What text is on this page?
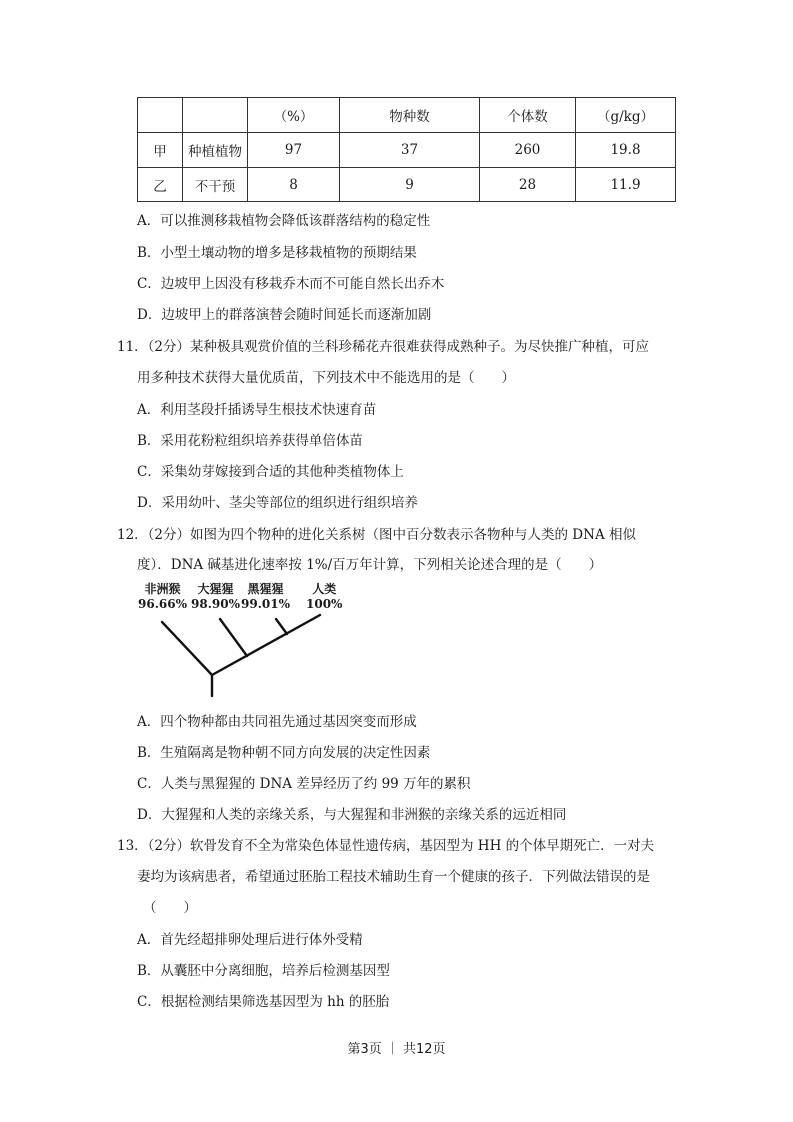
		（%）	物种数	个体数	（g/kg）
甲	种植植物	97	37	260	19.8
乙	不干预	8	9	28	11.9
A．可以推测移栽植物会降低该群落结构的稳定性
B．小型土壤动物的增多是移栽植物的预期结果
C．边坡甲上因没有移栽乔木而不可能自然长出乔木
D．边坡甲上的群落演替会随时间延长而逐渐加剧
11．（2分）某种极具观赏价值的兰科珍稀花卉很难获得成熟种子。为尽快推广种植，可应
用多种技术获得大量优质苗，下列技术中不能选用的是（　　）
A．利用茎段扦插诱导生根技术快速育苗
B．采用花粉粒组织培养获得单倍体苗
C．采集幼芽嫁接到合适的其他种类植物体上
D．采用幼叶、茎尖等部位的组织进行组织培养
12．（2分）如图为四个物种的进化关系树（图中百分数表示各物种与人类的 DNA 相似
度）．DNA 碱基进化速率按 1%/百万年计算，下列相关论述合理的是（　　）
非洲猴
96.66%
大猩猩
98.90%
黑猩猩
99.01%
人类
100%
A．四个物种都由共同祖先通过基因突变而形成
B．生殖隔离是物种朝不同方向发展的决定性因素
C．人类与黑猩猩的 DNA 差异经历了约 99 万年的累积
D．大猩猩和人类的亲缘关系，与大猩猩和非洲猴的亲缘关系的远近相同
13．（2分）软骨发育不全为常染色体显性遗传病，基因型为 HH 的个体早期死亡．一对夫
妻均为该病患者，希望通过胚胎工程技术辅助生育一个健康的孩子．下列做法错误的是
（　　）
A．首先经超排卵处理后进行体外受精
B．从囊胚中分离细胞，培养后检测基因型
C．根据检测结果筛选基因型为 hh 的胚胎
第3页 ｜ 共12页
